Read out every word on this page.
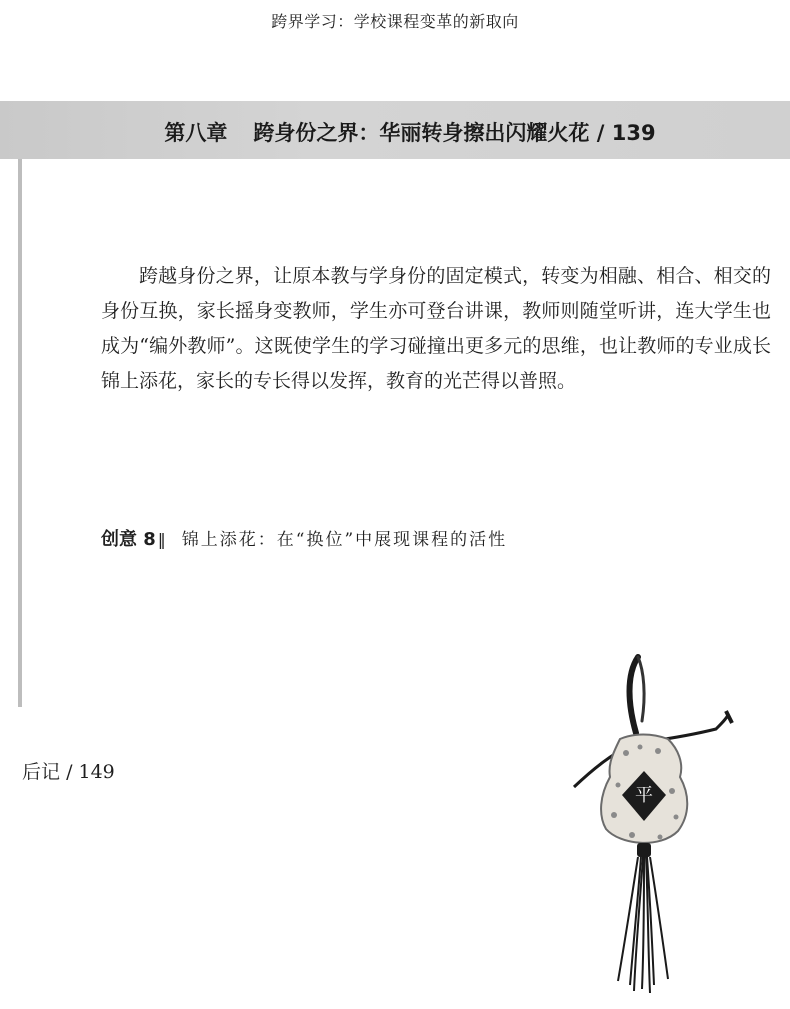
跨界学习：学校课程变革的新取向
第八章 跨身份之界：华丽转身擦出闪耀火花 / 139

跨越身份之界，让原本教与学身份的固定模式，转变为相融、相合、相交的身份互换，家长摇身变教师，学生亦可登台讲课，教师则随堂听讲，连大学生也成为“编外教师”。这既使学生的学习碰撞出更多元的思维，也让教师的专业成长锦上添花，家长的专长得以发挥，教育的光芒得以普照。

创意 8 ‖ 锦上添花：在“换位”中展现课程的活性
后记 / 149
平
